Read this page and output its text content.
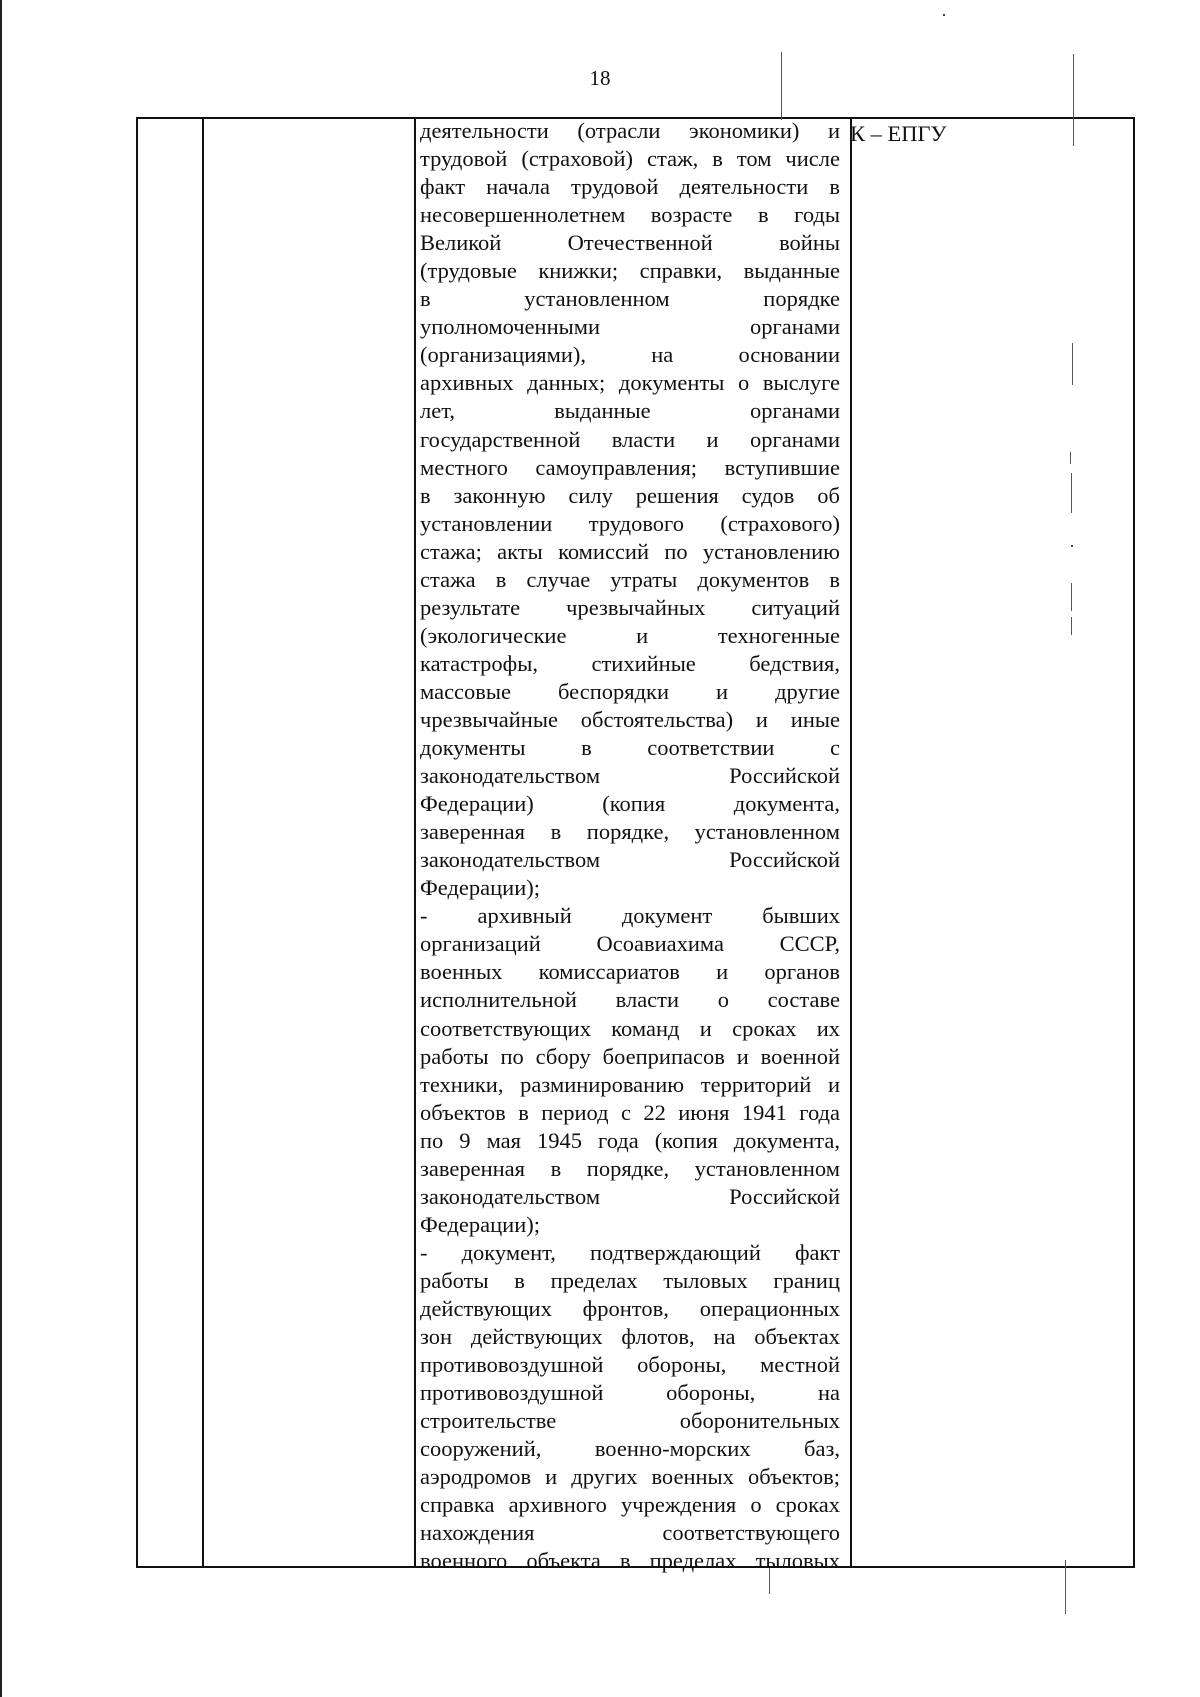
18
деятельности (отрасли экономики) и
трудовой (страховой) стаж, в том числе
факт начала трудовой деятельности в
несовершеннолетнем возрасте в годы
Великой Отечественной войны
(трудовые книжки; справки, выданные
в установленном порядке
уполномоченными органами
(организациями), на основании
архивных данных; документы о выслуге
лет, выданные органами
государственной власти и органами
местного самоуправления; вступившие
в законную силу решения судов об
установлении трудового (страхового)
стажа; акты комиссий по установлению
стажа в случае утраты документов в
результате чрезвычайных ситуаций
(экологические и техногенные
катастрофы, стихийные бедствия,
массовые беспорядки и другие
чрезвычайные обстоятельства) и иные
документы в соответствии с
законодательством Российской
Федерации) (копия документа,
заверенная в порядке, установленном
законодательством Российской
Федерации);
- архивный документ бывших
организаций Осоавиахима СССР,
военных комиссариатов и органов
исполнительной власти о составе
соответствующих команд и сроках их
работы по сбору боеприпасов и военной
техники, разминированию территорий и
объектов в период с 22 июня 1941 года
по 9 мая 1945 года (копия документа,
заверенная в порядке, установленном
законодательством Российской
Федерации);
- документ, подтверждающий факт
работы в пределах тыловых границ
действующих фронтов, операционных
зон действующих флотов, на объектах
противовоздушной обороны, местной
противовоздушной обороны, на
строительстве оборонительных
сооружений, военно-морских баз,
аэродромов и других военных объектов;
справка архивного учреждения о сроках
нахождения соответствующего
военного объекта в пределах тыловых
К – ЕПГУ
